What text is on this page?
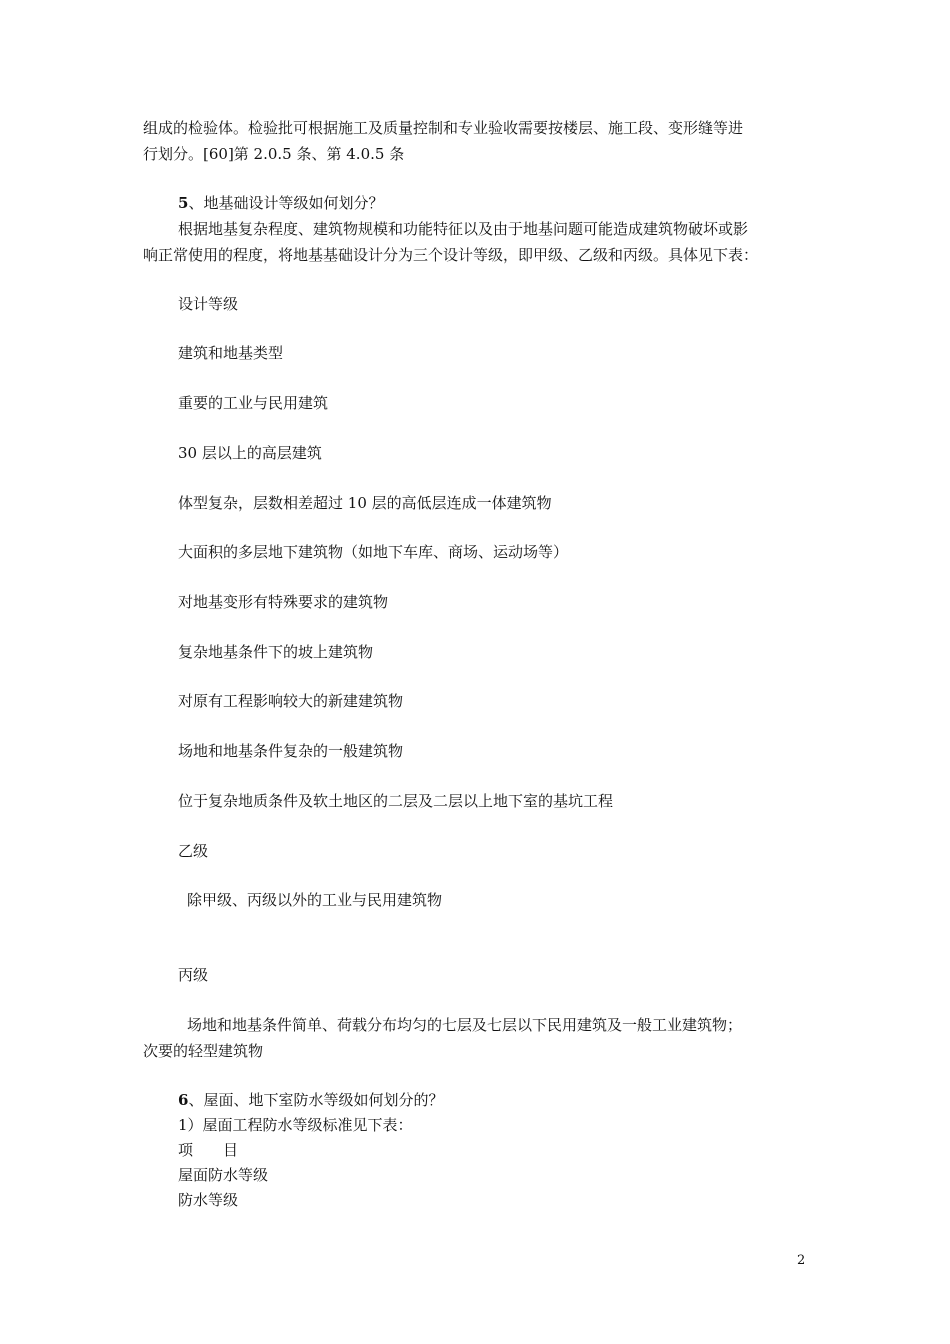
组成的检验体。检验批可根据施工及质量控制和专业验收需要按楼层、施工段、变形缝等进
行划分。[60]第 2.0.5 条、第 4.0.5 条
5、地基础设计等级如何划分？
根据地基复杂程度、建筑物规模和功能特征以及由于地基问题可能造成建筑物破坏或影
响正常使用的程度，将地基基础设计分为三个设计等级，即甲级、乙级和丙级。具体见下表：
设计等级
建筑和地基类型
重要的工业与民用建筑
30 层以上的高层建筑
体型复杂，层数相差超过 10 层的高低层连成一体建筑物
大面积的多层地下建筑物（如地下车库、商场、运动场等）
对地基变形有特殊要求的建筑物
复杂地基条件下的坡上建筑物
对原有工程影响较大的新建建筑物
场地和地基条件复杂的一般建筑物
位于复杂地质条件及软土地区的二层及二层以上地下室的基坑工程
乙级
除甲级、丙级以外的工业与民用建筑物
丙级
场地和地基条件简单、荷载分布均匀的七层及七层以下民用建筑及一般工业建筑物；
次要的轻型建筑物
6、屋面、地下室防水等级如何划分的？
1）屋面工程防水等级标准见下表：
项　　目
屋面防水等级
防水等级
2
